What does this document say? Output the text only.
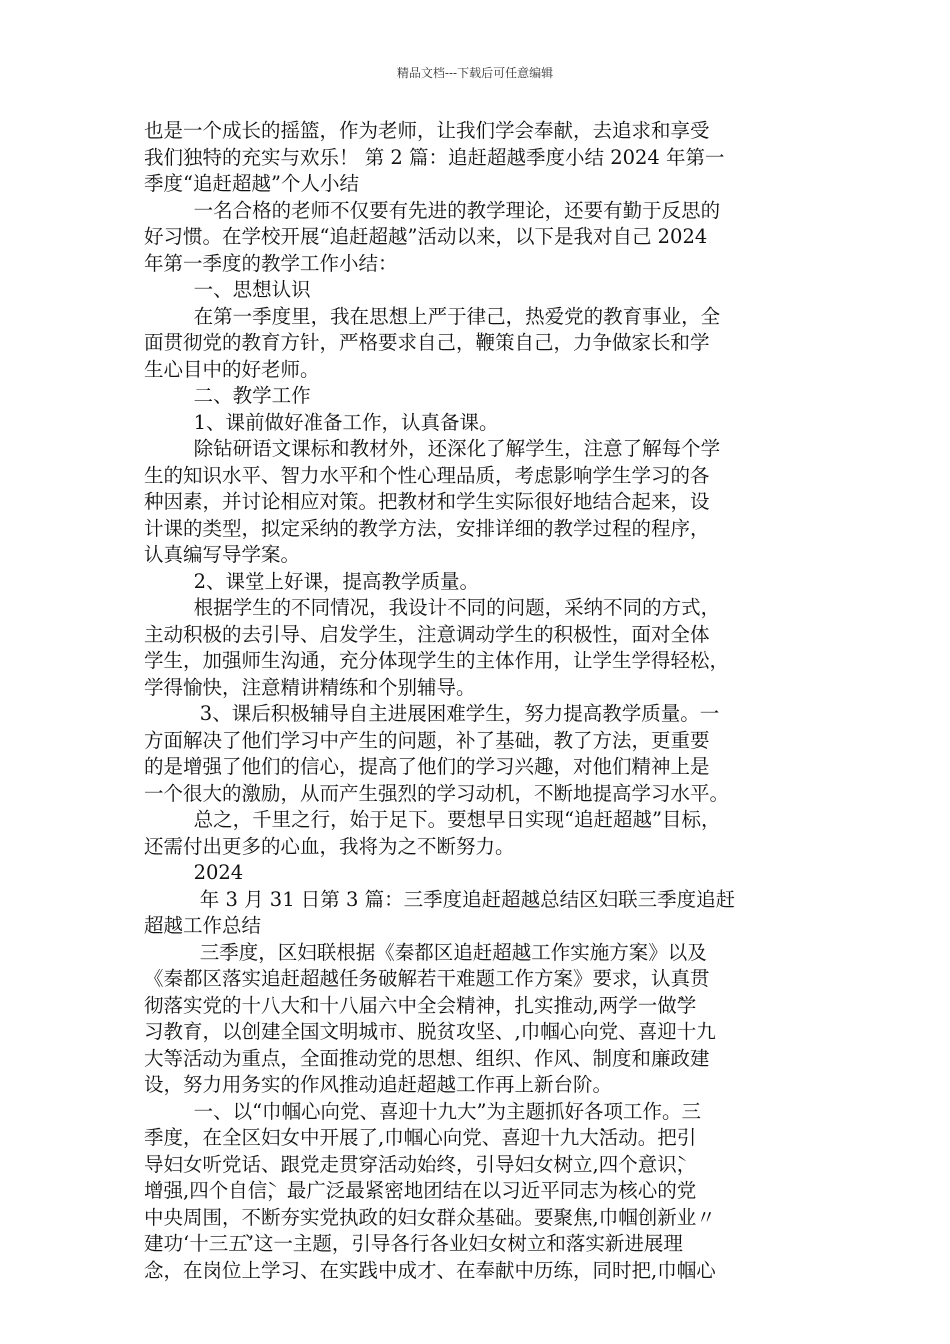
精品文档---下载后可任意编辑
也是一个成长的摇篮，作为老师，让我们学会奉献，去追求和享受
我们独特的充实与欢乐！ 第 2 篇：追赶超越季度小结 2024 年第一
季度“追赶超越”个人小结
一名合格的老师不仅要有先进的教学理论，还要有勤于反思的
好习惯。在学校开展“追赶超越”活动以来，以下是我对自己 2024
年第一季度的教学工作小结：
一、思想认识
在第一季度里，我在思想上严于律己，热爱党的教育事业，全
面贯彻党的教育方针，严格要求自己，鞭策自己，力争做家长和学
生心目中的好老师。
二、教学工作
1、课前做好准备工作，认真备课。
除钻研语文课标和教材外，还深化了解学生，注意了解每个学
生的知识水平、智力水平和个性心理品质，考虑影响学生学习的各
种因素，并讨论相应对策。把教材和学生实际很好地结合起来，设
计课的类型，拟定采纳的教学方法，安排详细的教学过程的程序，
认真编写导学案。
2、课堂上好课，提高教学质量。
根据学生的不同情况，我设计不同的问题，采纳不同的方式，
主动积极的去引导、启发学生，注意调动学生的积极性，面对全体
学生，加强师生沟通，充分体现学生的主体作用，让学生学得轻松，
学得愉快，注意精讲精练和个别辅导。
3、课后积极辅导自主进展困难学生，努力提高教学质量。一
方面解决了他们学习中产生的问题，补了基础，教了方法，更重要
的是增强了他们的信心，提高了他们的学习兴趣，对他们精神上是
一个很大的激励，从而产生强烈的学习动机，不断地提高学习水平。
总之，千里之行，始于足下。要想早日实现“追赶超越”目标，
还需付出更多的心血，我将为之不断努力。
2024
年 3 月 31 日第 3 篇：三季度追赶超越总结区妇联三季度追赶
超越工作总结
三季度，区妇联根据《秦都区追赶超越工作实施方案》以及
《秦都区落实追赶超越任务破解若干难题工作方案》要求，认真贯
彻落实党的十八大和十八届六中全会精神，扎实推动,两学一做̀学
习教育，以创建全国文明城市、脱贫攻坚、,巾帼心向党、喜迎十九
大̀等活动为重点，全面推动党的思想、组织、作风、制度和廉政建
设，努力用务实的作风推动追赶超越工作再上新台阶。
一、以“巾帼心向党、喜迎十九大”为主题抓好各项工作。三
季度，在全区妇女中开展了,巾帼心向党、喜迎十九大̀活动。把引
导妇女听党话、跟党走贯穿活动始终，引导妇女树立,四个意识̀，
增强,四个自信̀，最广泛最紧密地团结在以习近平同志为核心的党
中央周围，不断夯实党执政的妇女群众基础。要聚焦,巾帼创新业〃
建功‘十三五’̀这一主题，引导各行各业妇女树立和落实新进展理
念，在岗位上学习、在实践中成才、在奉献中历练，同时把,巾帼心
